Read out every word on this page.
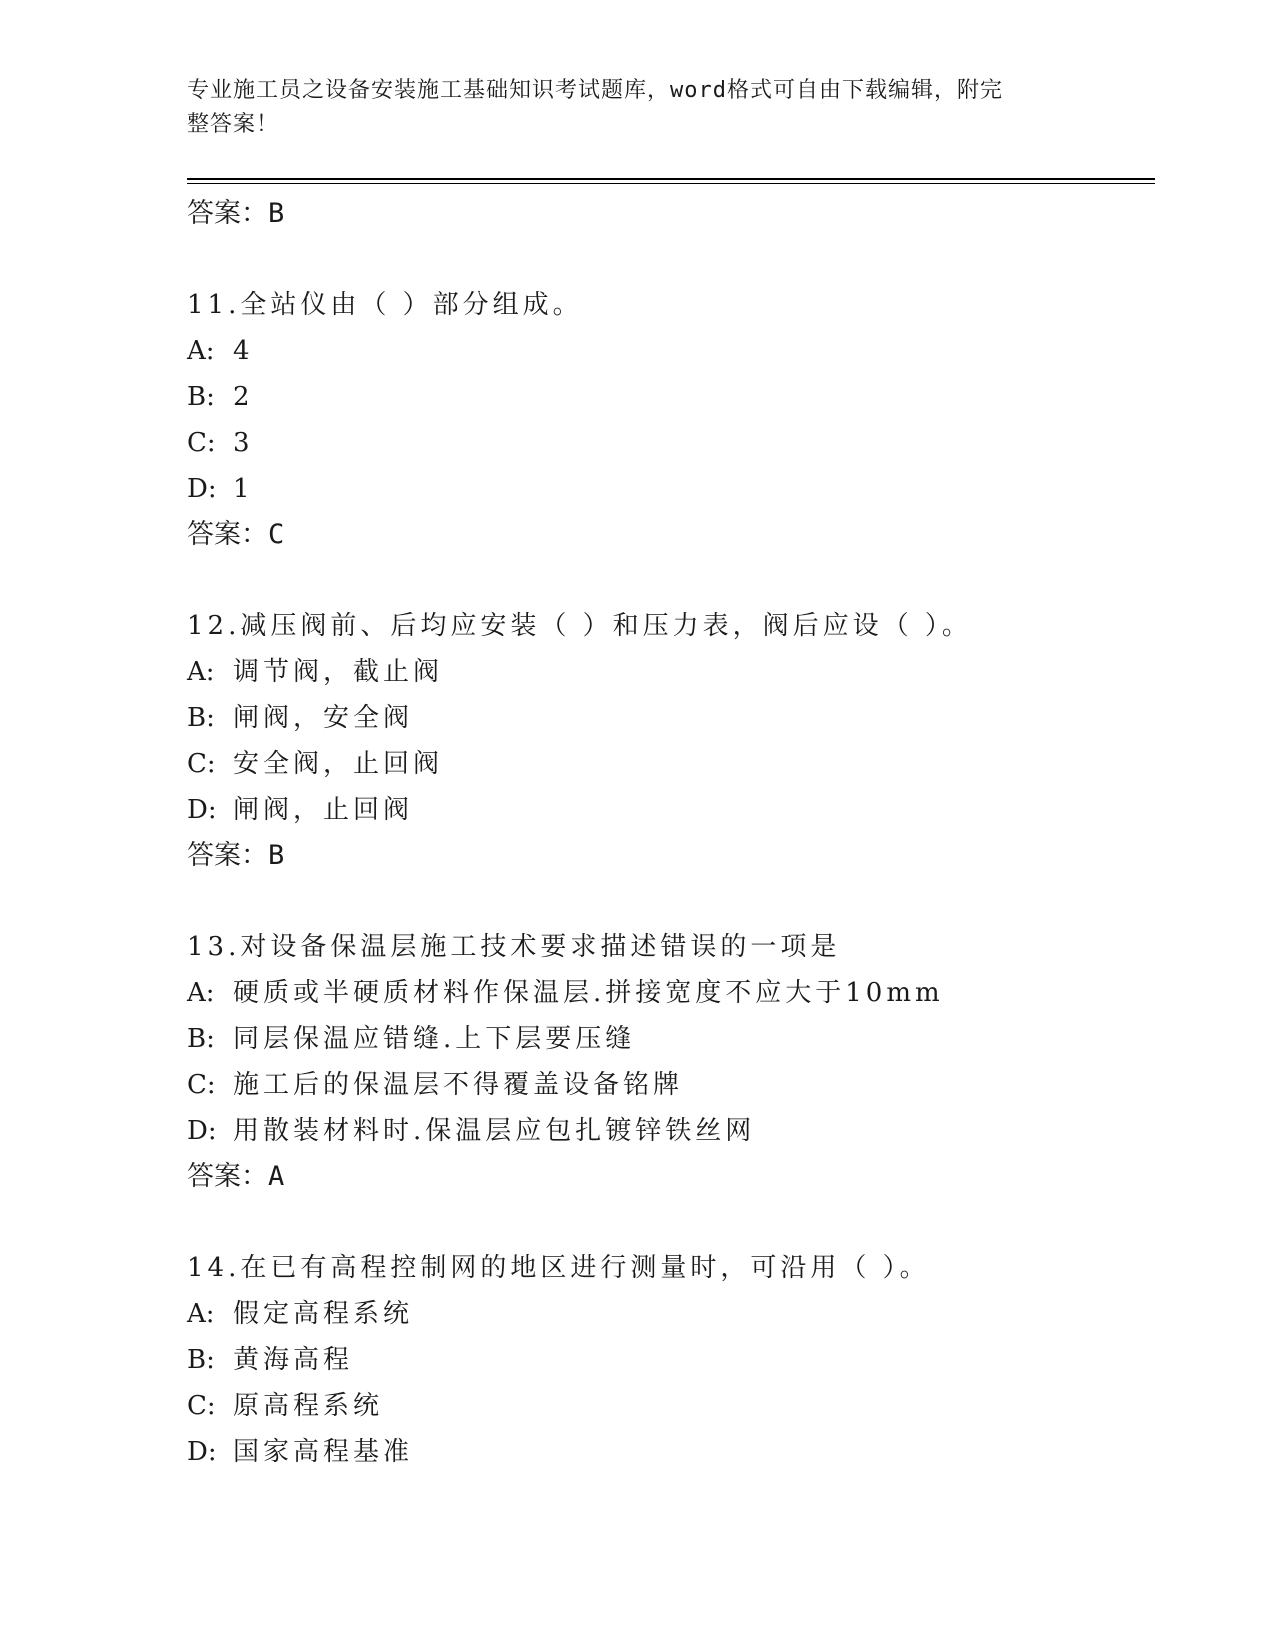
专业施工员之设备安装施工基础知识考试题库，word格式可自由下载编辑，附完
整答案！
答案：B
11.全站仪由（ ）部分组成。
A: 4
B: 2
C: 3
D: 1
答案：C
12.减压阀前、后均应安装（ ）和压力表，阀后应设（ ）。
A: 调节阀，截止阀
B: 闸阀，安全阀
C: 安全阀，止回阀
D: 闸阀，止回阀
答案：B
13.对设备保温层施工技术要求描述错误的一项是
A: 硬质或半硬质材料作保温层.拼接宽度不应大于10mm
B: 同层保温应错缝.上下层要压缝
C: 施工后的保温层不得覆盖设备铭牌
D: 用散装材料时.保温层应包扎镀锌铁丝网
答案：A
14.在已有高程控制网的地区进行测量时，可沿用（ ）。
A: 假定高程系统
B: 黄海高程
C: 原高程系统
D: 国家高程基准
